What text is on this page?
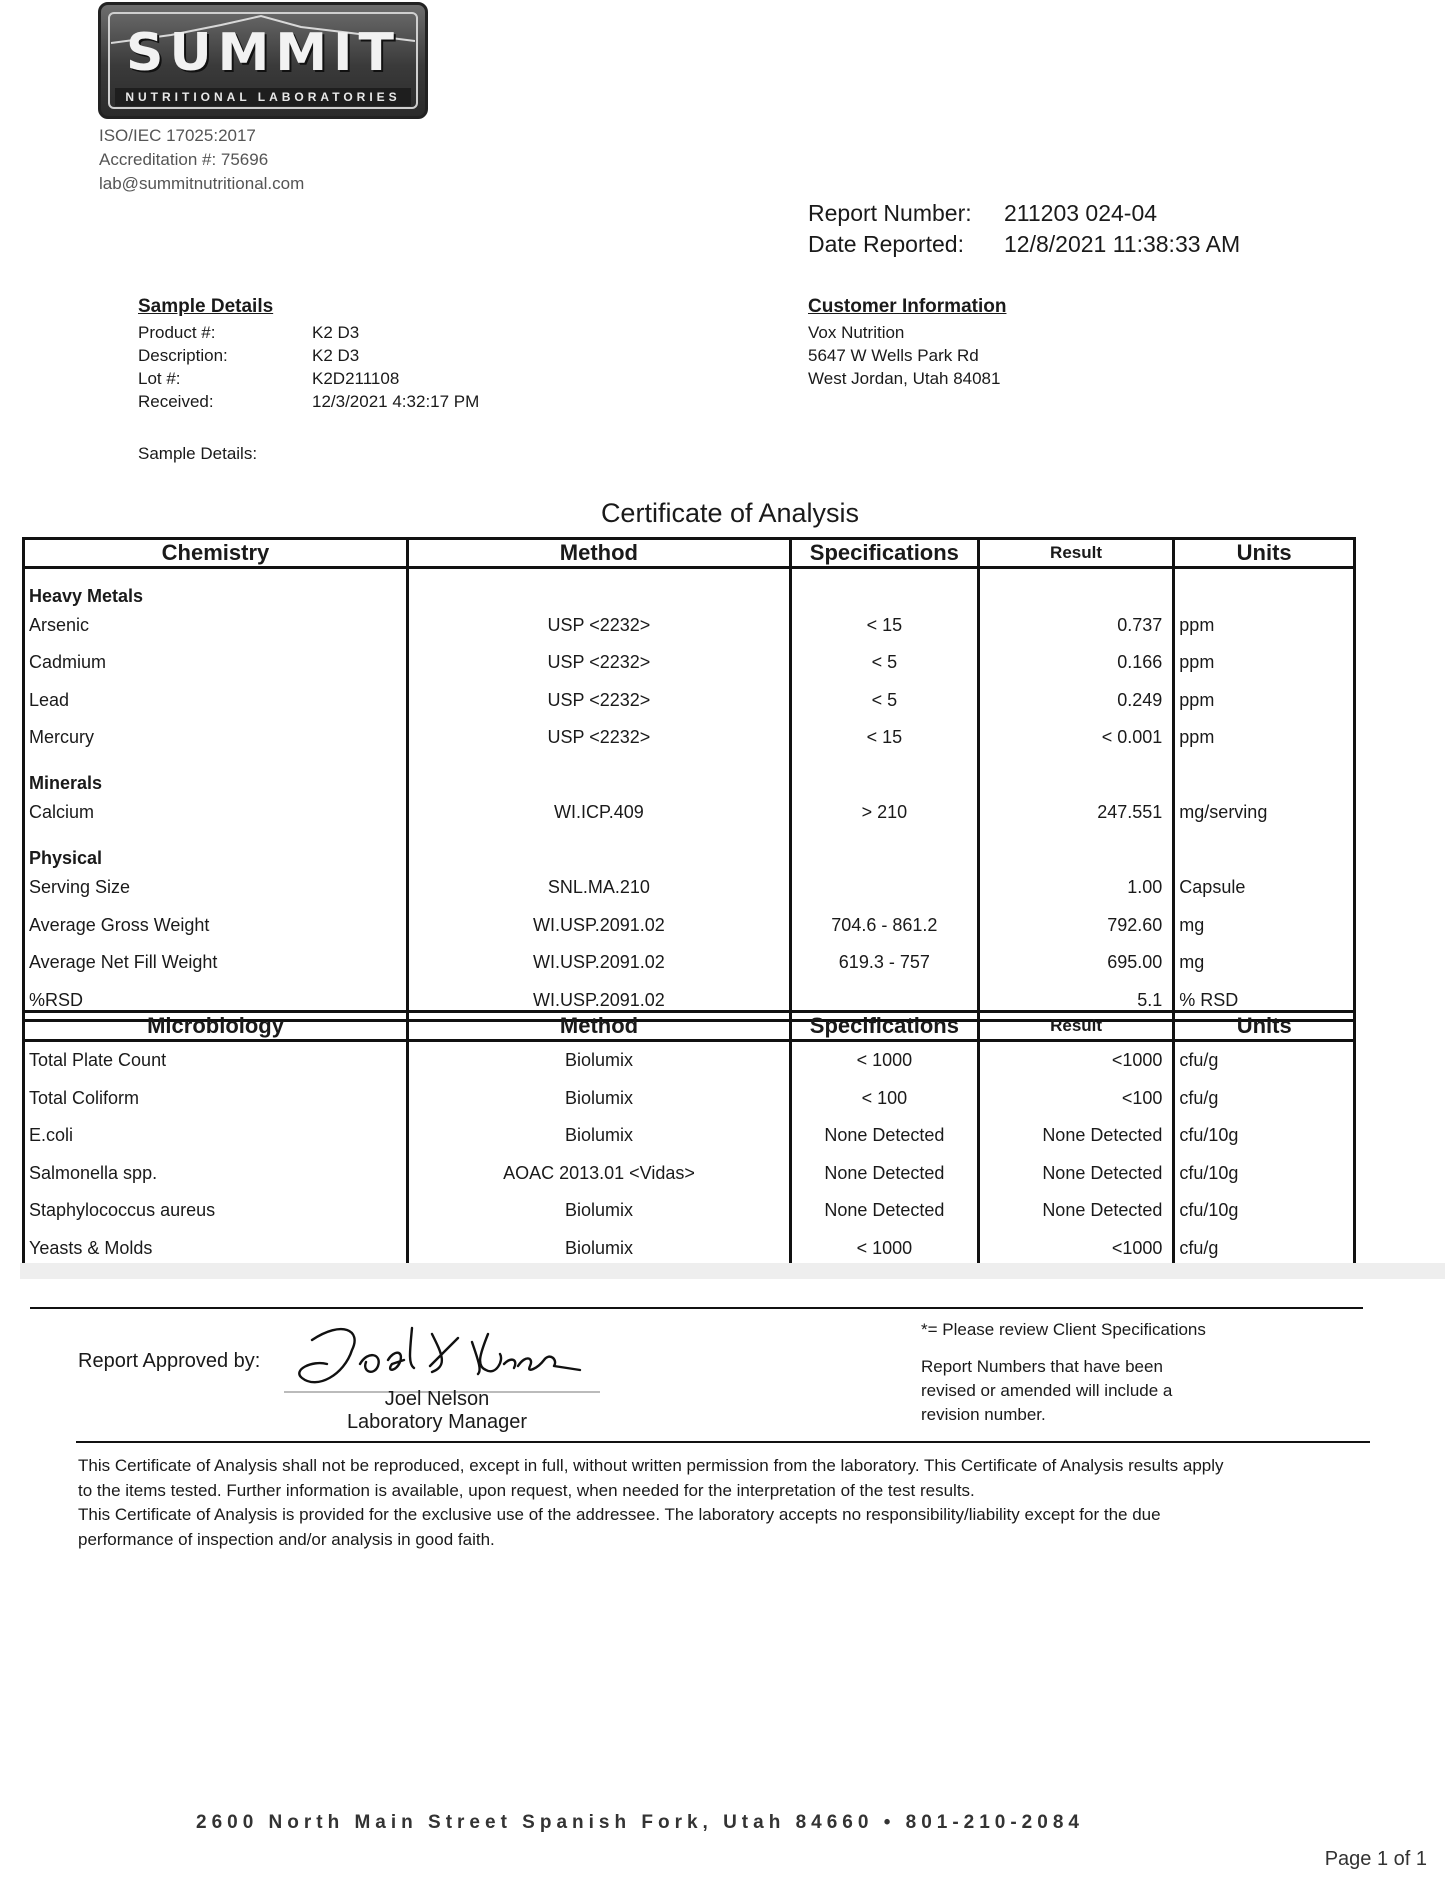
SUMMIT
NUTRITIONAL LABORATORIES
ISO/IEC 17025:2017
Accreditation #: 75696
lab@summitnutritional.com
Report Number: 211203 024-04
Date Reported: 12/8/2021 11:38:33 AM
Sample Details
Product #:	K2 D3
Description:	K2 D3
Lot #:	K2D211108
Received:	12/3/2021 4:32:17 PM
Sample Details:
Customer Information
Vox Nutrition
5647 W Wells Park Rd
West Jordan, Utah 84081
Certificate of Analysis
Chemistry	Method	Specifications	Result	Units
Heavy Metals				
Arsenic	USP <2232>	< 15	0.737	ppm
Cadmium	USP <2232>	< 5	0.166	ppm
Lead	USP <2232>	< 5	0.249	ppm
Mercury	USP <2232>	< 15	< 0.001	ppm
Minerals				
Calcium	WI.ICP.409	> 210	247.551	mg/serving
Physical				
Serving Size	SNL.MA.210		1.00	Capsule
Average Gross Weight	WI.USP.2091.02	704.6 - 861.2	792.60	mg
Average Net Fill Weight	WI.USP.2091.02	619.3 - 757	695.00	mg
%RSD	WI.USP.2091.02		5.1	% RSD
Microbiology	Method	Specifications	Result	Units
Total Plate Count	Biolumix	< 1000	<1000	cfu/g
Total Coliform	Biolumix	< 100	<100	cfu/g
E.coli	Biolumix	None Detected	None Detected	cfu/10g
Salmonella spp.	AOAC 2013.01 <Vidas>	None Detected	None Detected	cfu/10g
Staphylococcus aureus	Biolumix	None Detected	None Detected	cfu/10g
Yeasts & Molds	Biolumix	< 1000	<1000	cfu/g
Report Approved by:
Joel Nelson
Laboratory Manager
*= Please review Client Specifications
Report Numbers that have been
revised or amended will include a
revision number.
This Certificate of Analysis shall not be reproduced, except in full, without written permission from the laboratory. This Certificate of Analysis results apply
to the items tested. Further information is available, upon request, when needed for the interpretation of the test results.
This Certificate of Analysis is provided for the exclusive use of the addressee. The laboratory accepts no responsibility/liability except for the due
performance of inspection and/or analysis in good faith.
2600 North Main Street Spanish Fork, Utah 84660 • 801-210-2084
Page 1 of 1
